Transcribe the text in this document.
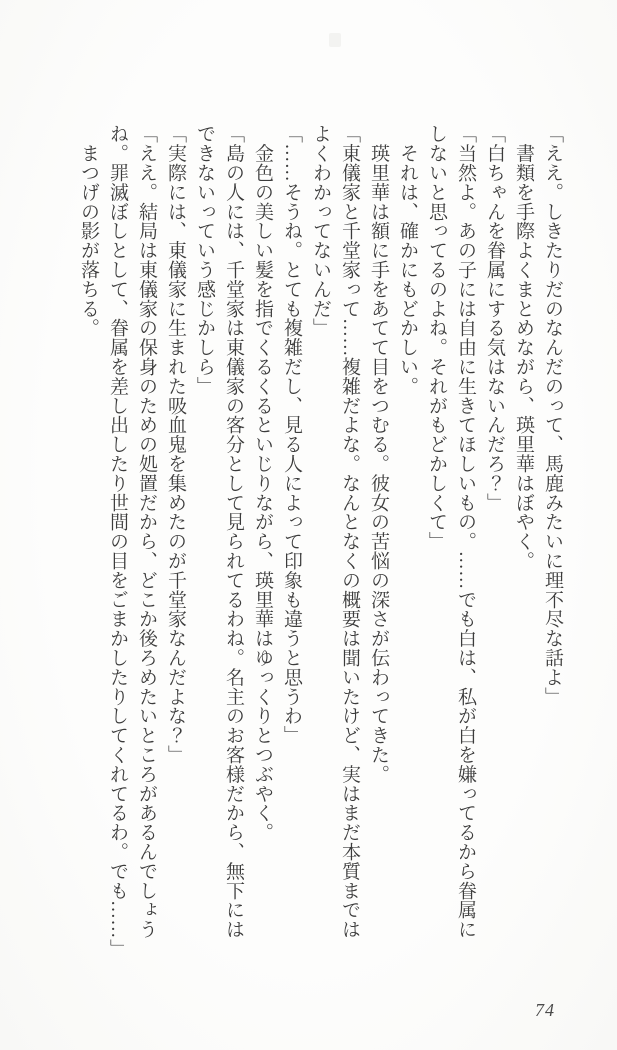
「ええ。しきたりだのなんだのって、馬鹿みたいに理不尽な話よ」

　書類を手際よくまとめながら、瑛里華はぼやく。

「白ちゃんを眷属にする気はないんだろ？」

「当然よ。あの子には自由に生きてほしいもの。……でも白は、私が白を嫌ってるから眷属に

しないと思ってるのよね。それがもどかしくて」

　それは、確かにもどかしい。

　瑛里華は額に手をあてて目をつむる。彼女の苦悩の深さが伝わってきた。

「東儀家と千堂家って……複雑だよな。なんとなくの概要は聞いたけど、実はまだ本質までは

よくわかってないんだ」

「……そうね。とても複雑だし、見る人によって印象も違うと思うわ」

　金色の美しい髪を指でくるくるといじりながら、瑛里華はゆっくりとつぶやく。

「島の人には、千堂家は東儀家の客分として見られてるわね。名主のお客様だから、無下には

できないっていう感じかしら」

「実際には、東儀家に生まれた吸血鬼を集めたのが千堂家なんだよな？」

「ええ。結局は東儀家の保身のための処置だから、どこか後ろめたいところがあるんでしょう

ね。罪滅ぼしとして、眷属を差し出したり世間の目をごまかしたりしてくれてるわ。でも……」

　まつげの影が落ちる。

74
